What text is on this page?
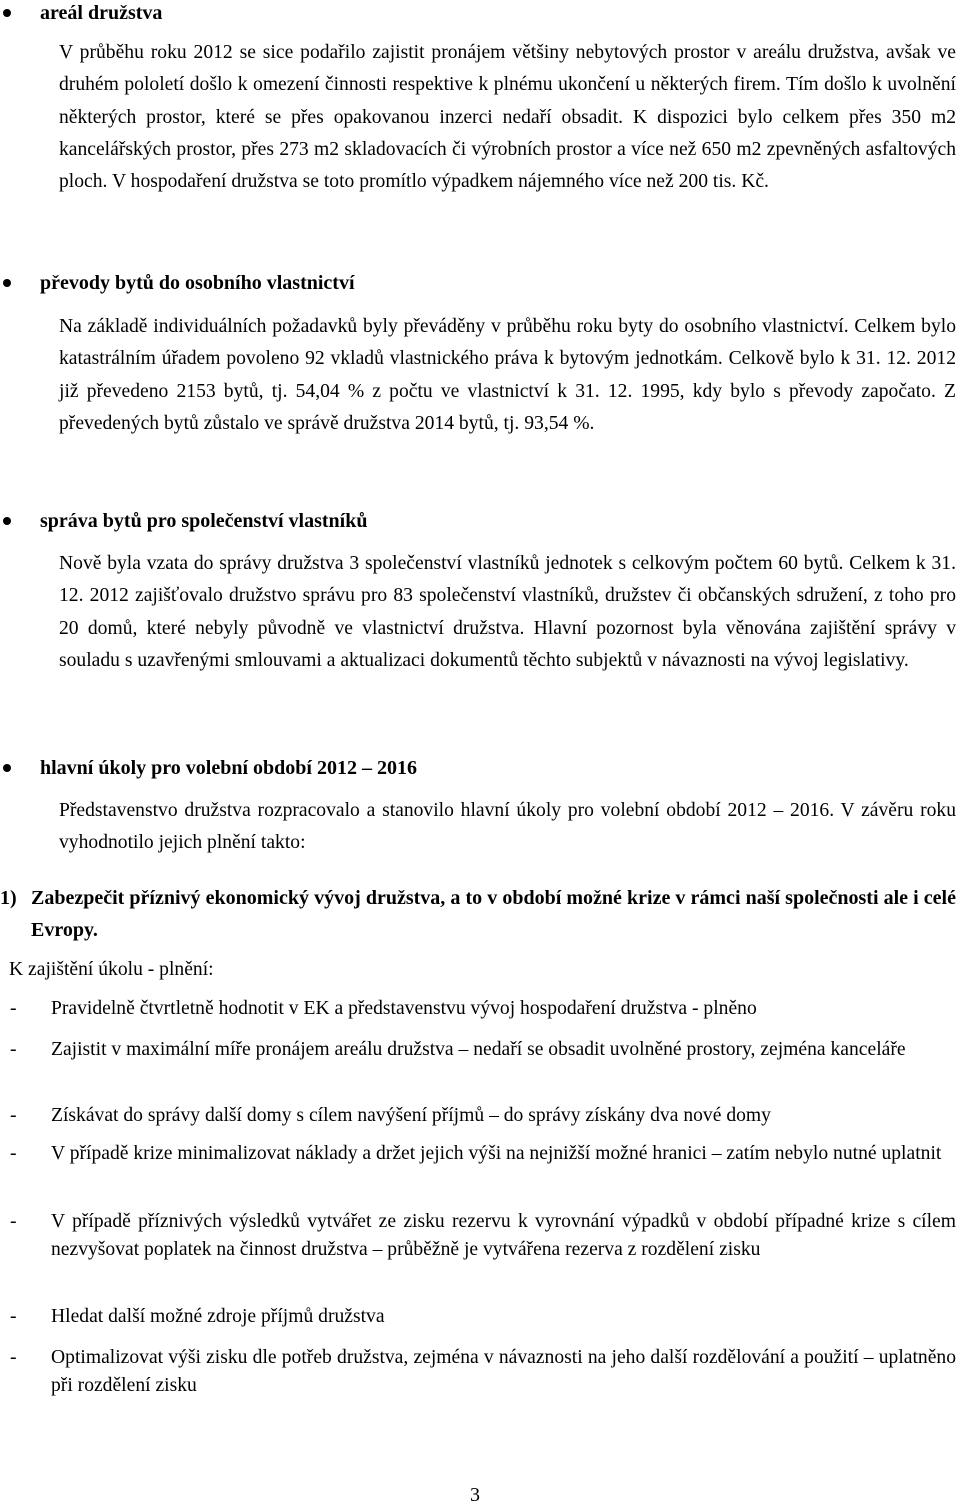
areál družstva
V průběhu roku 2012 se sice podařilo zajistit pronájem většiny nebytových prostor v areálu družstva, avšak ve druhém pololetí došlo k omezení činnosti respektive k plnému ukončení u některých firem. Tím došlo k uvolnění některých prostor, které se přes opakovanou inzerci nedaří obsadit. K dispozici bylo celkem přes 350 m2 kancelářských prostor, přes 273 m2 skladovacích či výrobních prostor a více než 650 m2 zpevněných asfaltových ploch. V hospodaření družstva se toto promítlo výpadkem nájemného více než 200 tis. Kč.
převody bytů do osobního vlastnictví
Na základě individuálních požadavků byly převáděny v průběhu roku byty do osobního vlastnictví. Celkem bylo katastrálním úřadem povoleno 92 vkladů vlastnického práva k bytovým jednotkám. Celkově bylo k 31. 12. 2012 již převedeno 2153 bytů, tj. 54,04 % z počtu ve vlastnictví k 31. 12. 1995, kdy bylo s převody započato. Z převedených bytů zůstalo ve správě družstva 2014 bytů, tj. 93,54 %.
správa bytů pro společenství vlastníků
Nově byla vzata do správy družstva 3 společenství vlastníků jednotek s celkovým počtem 60 bytů. Celkem k 31. 12. 2012 zajišťovalo družstvo správu pro 83 společenství vlastníků, družstev či občanských sdružení, z toho pro 20 domů, které nebyly původně ve vlastnictví družstva. Hlavní pozornost byla věnována zajištění správy v souladu s uzavřenými smlouvami a aktualizaci dokumentů těchto subjektů v návaznosti na vývoj legislativy.
hlavní úkoly pro volební období 2012 – 2016
Představenstvo družstva rozpracovalo a stanovilo hlavní úkoly pro volební období 2012 – 2016. V závěru roku vyhodnotilo jejich plnění takto:
1) Zabezpečit příznivý ekonomický vývoj družstva, a to v období možné krize v rámci naší společnosti ale i celé Evropy.
K zajištění úkolu - plnění:
- Pravidelně čtvrtletně hodnotit v EK a představenstvu vývoj hospodaření družstva - plněno
- Zajistit v maximální míře pronájem areálu družstva – nedaří se obsadit uvolněné prostory, zejména kanceláře
- Získávat do správy další domy s cílem navýšení příjmů – do správy získány dva nové domy
- V případě krize minimalizovat náklady a držet jejich výši na nejnižší možné hranici – zatím nebylo nutné uplatnit
- V případě příznivých výsledků vytvářet ze zisku rezervu k vyrovnání výpadků v období případné krize s cílem nezvyšovat poplatek na činnost družstva – průběžně je vytvářena rezerva z rozdělení zisku
- Hledat další možné zdroje příjmů družstva
- Optimalizovat výši zisku dle potřeb družstva, zejména v návaznosti na jeho další rozdělování a použití – uplatněno při rozdělení zisku
3
